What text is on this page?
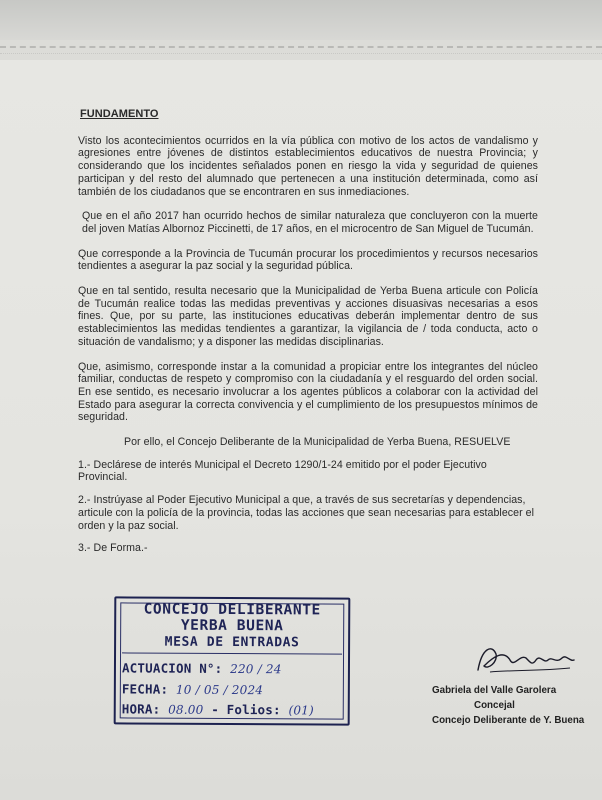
FUNDAMENTO

Visto los acontecimientos ocurridos en la vía pública con motivo de los actos de vandalismo y agresiones entre jóvenes de distintos establecimientos educativos de nuestra Provincia; y considerando que los incidentes señalados ponen en riesgo la vida y seguridad de quienes participan y del resto del alumnado que pertenecen a una institución determinada, como así también de los ciudadanos que se encontraren en sus inmediaciones.

Que en el año 2017 han ocurrido hechos de similar naturaleza que concluyeron con la muerte del joven Matías Albornoz Piccinetti, de 17 años, en el microcentro de San Miguel de Tucumán.

Que corresponde a la Provincia de Tucumán procurar los procedimientos y recursos necesarios tendientes a asegurar la paz social y la seguridad pública.

Que en tal sentido, resulta necesario que la Municipalidad de Yerba Buena articule con Policía de Tucumán realice todas las medidas preventivas y acciones disuasivas necesarias a esos fines. Que, por su parte, las instituciones educativas deberán implementar dentro de sus establecimientos las medidas tendientes a garantizar, la vigilancia de / toda conducta, acto o situación de vandalismo; y a disponer las medidas disciplinarias.

Que, asimismo, corresponde instar a la comunidad a propiciar entre los integrantes del núcleo familiar, conductas de respeto y compromiso con la ciudadanía y el resguardo del orden social. En ese sentido, es necesario involucrar a los agentes públicos a colaborar con la actividad del Estado para asegurar la correcta convivencia y el cumplimiento de los presupuestos mínimos de seguridad.

Por ello, el Concejo Deliberante de la Municipalidad de Yerba Buena, RESUELVE

1.- Declárese de interés Municipal el Decreto 1290/1-24 emitido por el poder Ejecutivo Provincial.

2.- Instrúyase al Poder Ejecutivo Municipal a que, a través de sus secretarías y dependencias, articule con la policía de la provincia, todas las acciones que sean necesarias para establecer el orden y la paz social.

3.- De Forma.-

CONCEJO DELIBERANTE
YERBA BUENA
MESA DE ENTRADAS
ACTUACION N°: 220 / 24
FECHA: 10 / 05 / 2024
HORA: 08.00 - Folios: (01)
Gabriela del Valle Garolera
Concejal
Concejo Deliberante de Y. Buena
